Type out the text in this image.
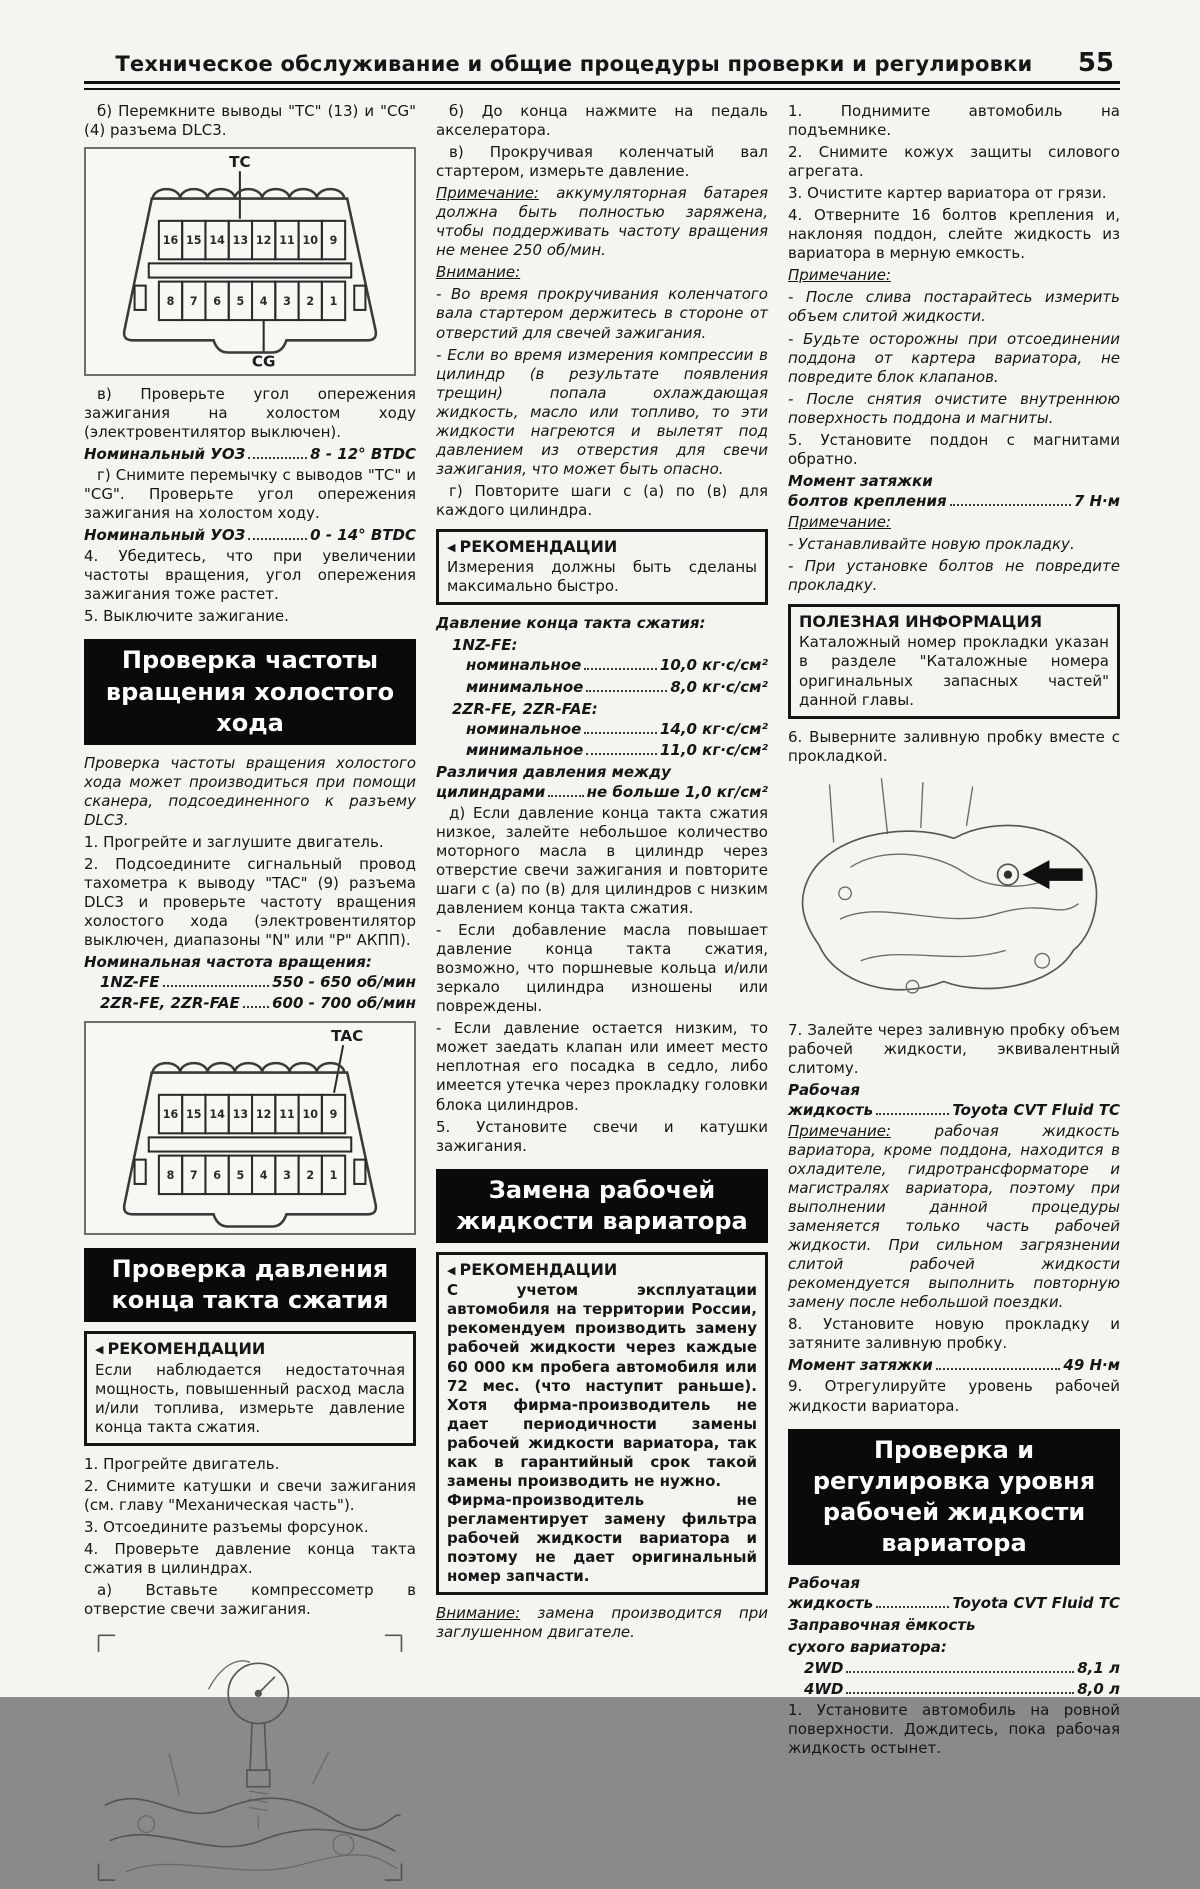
Техническое обслуживание и общие процедуры проверки и регулировки	55

б) Перемкните выводы "ТС" (13) и "CG" (4) разъема DLC3.

TC
16 15 14 13 12 11 10 9
8 7 6 5 4 3 2 1
CG

в) Проверьте угол опережения зажигания на холостом ходу (электровентилятор выключен).

Номинальный УОЗ	8 - 12° BTDC

г) Снимите перемычку с выводов "ТС" и "CG". Проверьте угол опережения зажигания на холостом ходу.

Номинальный УОЗ	0 - 14° BTDC

4. Убедитесь, что при увеличении частоты вращения, угол опережения зажигания тоже растет.

5. Выключите зажигание.

Проверка частоты вращения холостого хода

Проверка частоты вращения холостого хода может производиться при помощи сканера, подсоединенного к разъему DLC3.

1. Прогрейте и заглушите двигатель.

2. Подсоедините сигнальный провод тахометра к выводу "TAC" (9) разъема DLC3 и проверьте частоту вращения холостого хода (электровентилятор выключен, диапазоны "N" или "P" АКПП).

Номинальная частота вращения:
1NZ-FE	550 - 650 об/мин
2ZR-FE, 2ZR-FAE 600 - 700 об/мин
TAC
16 15 14 13 12 11 10 9
8 7 6 5 4 3 2 1
Проверка давления конца такта сжатия
◀ РЕКОМЕНДАЦИИ
Если наблюдается недостаточная мощность, повышенный расход масла и/или топлива, измерьте давление конца такта сжатия.

1. Прогрейте двигатель.

2. Снимите катушки и свечи зажигания (см. главу "Механическая часть").

3. Отсоедините разъемы форсунок.

4. Проверьте давление конца такта сжатия в цилиндрах.

а) Вставьте компрессометр в отверстие свечи зажигания.

б) До конца нажмите на педаль акселератора.

в) Прокручивая коленчатый вал стартером, измерьте давление.

Примечание: аккумуляторная батарея должна быть полностью заряжена, чтобы поддерживать частоту вращения не менее 250 об/мин.

Внимание:

- Во время прокручивания коленчатого вала стартером держитесь в стороне от отверстий для свечей зажигания.

- Если во время измерения компрессии в цилиндр (в результате появления трещин) попала охлаждающая жидкость, масло или топливо, то эти жидкости нагреются и вылетят под давлением из отверстия для свечи зажигания, что может быть опасно.

г) Повторите шаги с (а) по (в) для каждого цилиндра.

◀ РЕКОМЕНДАЦИИ
Измерения должны быть сделаны максимально быстро.
Давление конца такта сжатия:
1NZ-FE:
номинальное	10,0 кг·с/см²
минимальное	8,0 кг·с/см²
2ZR-FE, 2ZR-FAE:
номинальное	14,0 кг·с/см²
минимальное	11,0 кг·с/см²
Различия давления между
цилиндрами	не больше 1,0 кг/см²

д) Если давление конца такта сжатия низкое, залейте небольшое количество моторного масла в цилиндр через отверстие свечи зажигания и повторите шаги с (а) по (в) для цилиндров с низким давлением конца такта сжатия.

- Если добавление масла повышает давление конца такта сжатия, возможно, что поршневые кольца и/или зеркало цилиндра изношены или повреждены.

- Если давление остается низким, то может заедать клапан или имеет место неплотная его посадка в седло, либо имеется утечка через прокладку головки блока цилиндров.

5. Установите свечи и катушки зажигания.

Замена рабочей жидкости вариатора
◀ РЕКОМЕНДАЦИИ
С учетом эксплуатации автомобиля на территории России, рекомендуем производить замену рабочей жидкости через каждые 60 000 км пробега автомобиля или 72 мес. (что наступит раньше). Хотя фирма-производитель не дает периодичности замены рабочей жидкости вариатора, так как в гарантийный срок такой замены производить не нужно.
Фирма-производитель не регламентирует замену фильтра рабочей жидкости вариатора и поэтому не дает оригинальный номер запчасти.

Внимание: замена производится при заглушенном двигателе.

1. Поднимите автомобиль на подъемнике.

2. Снимите кожух защиты силового агрегата.

3. Очистите картер вариатора от грязи.

4. Отверните 16 болтов крепления и, наклоняя поддон, слейте жидкость из вариатора в мерную емкость.

Примечание:

- После слива постарайтесь измерить объем слитой жидкости.

- Будьте осторожны при отсоединении поддона от картера вариатора, не повредите блок клапанов.

- После снятия очистите внутреннюю поверхность поддона и магниты.

5. Установите поддон с магнитами обратно.

Момент затяжки
болтов крепления	7 Н·м

Примечание:

- Устанавливайте новую прокладку.

- При установке болтов не повредите прокладку.

ПОЛЕЗНАЯ ИНФОРМАЦИЯ
Каталожный номер прокладки указан в разделе "Каталожные номера оригинальных запасных частей" данной главы.

6. Выверните заливную пробку вместе с прокладкой.

7. Залейте через заливную пробку объем рабочей жидкости, эквивалентный слитому.

Рабочая
жидкость	Toyota CVT Fluid TC

Примечание:	рабочая жидкость вариатора, кроме поддона, находится в охладителе, гидротрансформаторе и магистралях вариатора, поэтому при выполнении данной процедуры заменяется только часть рабочей жидкости. При сильном загрязнении слитой рабочей жидкости рекомендуется выполнить повторную замену после небольшой поездки.

8. Установите новую прокладку и затяните заливную пробку.

Момент затяжки	49 Н·м

9. Отрегулируйте уровень рабочей жидкости вариатора.

Проверка и регулировка уровня рабочей жидкости вариатора
Рабочая
жидкость	Toyota CVT Fluid TC
Заправочная ёмкость
сухого вариатора:
2WD	8,1 л
4WD	8,0 л

1. Установите автомобиль на ровной поверхности. Дождитесь, пока рабочая жидкость остынет.
